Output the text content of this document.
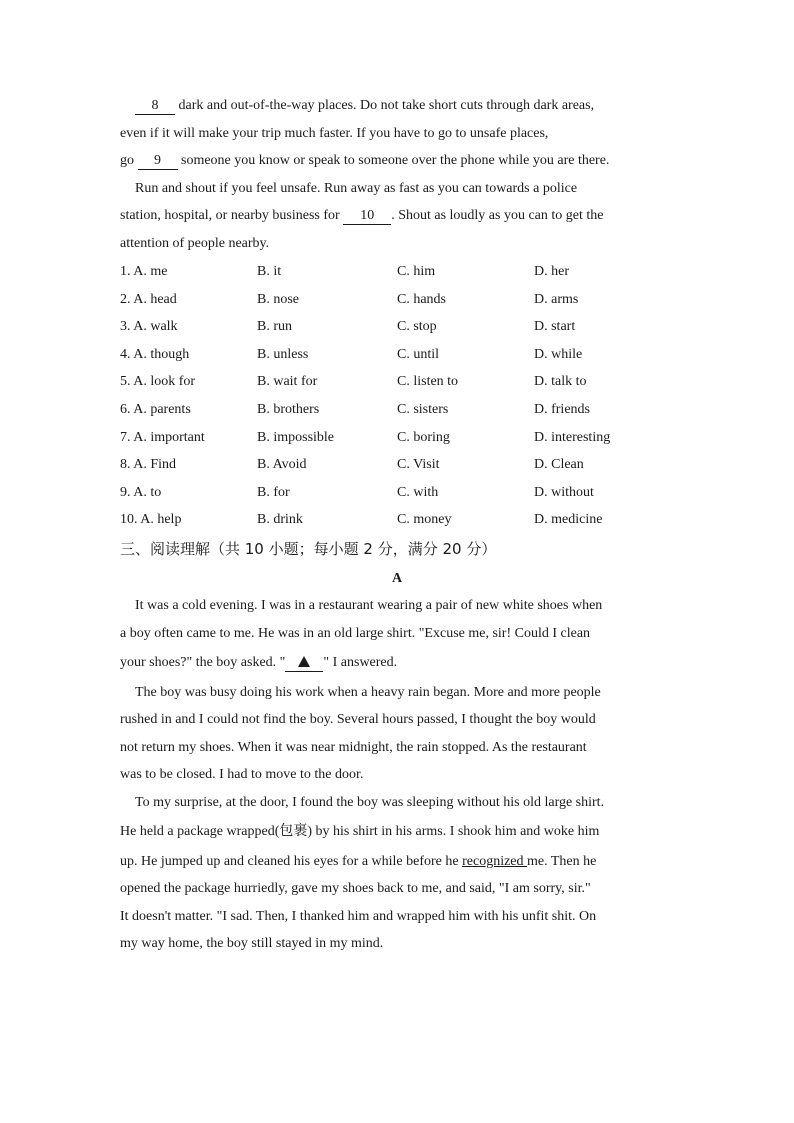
8 dark and out-of-the-way places. Do not take short cuts through dark areas,
even if it will make your trip much faster. If you have to go to unsafe places,
go 9 someone you know or speak to someone over the phone while you are there.
Run and shout if you feel unsafe. Run away as fast as you can towards a police
station, hospital, or nearby business for 10 . Shout as loudly as you can to get the
attention of people nearby.
1. A. me	B. it	C. him	D. her
2. A. head	B. nose	C. hands	D. arms
3. A. walk	B. run	C. stop	D. start
4. A. though	B. unless	C. until	D. while
5. A. look for	B. wait for	C. listen to	D. talk to
6. A. parents	B. brothers	C. sisters	D. friends
7. A. important	B. impossible	C. boring	D. interesting
8. A. Find	B. Avoid	C. Visit	D. Clean
9. A. to	B. for	C. with	D. without
10. A. help	B. drink	C. money	D. medicine
三、阅读理解（共 10 小题；每小题 2 分，满分 20 分）
A
It was a cold evening. I was in a restaurant wearing a pair of new white shoes when
a boy often came to me. He was in an old large shirt. "Excuse me, sir! Could I clean
your shoes?" the boy asked. "	" I answered.
The boy was busy doing his work when a heavy rain began. More and more people
rushed in and I could not find the boy. Several hours passed, I thought the boy would
not return my shoes. When it was near midnight, the rain stopped. As the restaurant
was to be closed. I had to move to the door.
To my surprise, at the door, I found the boy was sleeping without his old large shirt.
He held a package wrapped(包裹) by his shirt in his arms. I shook him and woke him
up. He jumped up and cleaned his eyes for a while before he recognized me. Then he
opened the package hurriedly, gave my shoes back to me, and said, "I am sorry, sir."
It doesn't matter. "I sad. Then, I thanked him and wrapped him with his unfit shit. On
my way home, the boy still stayed in my mind.
